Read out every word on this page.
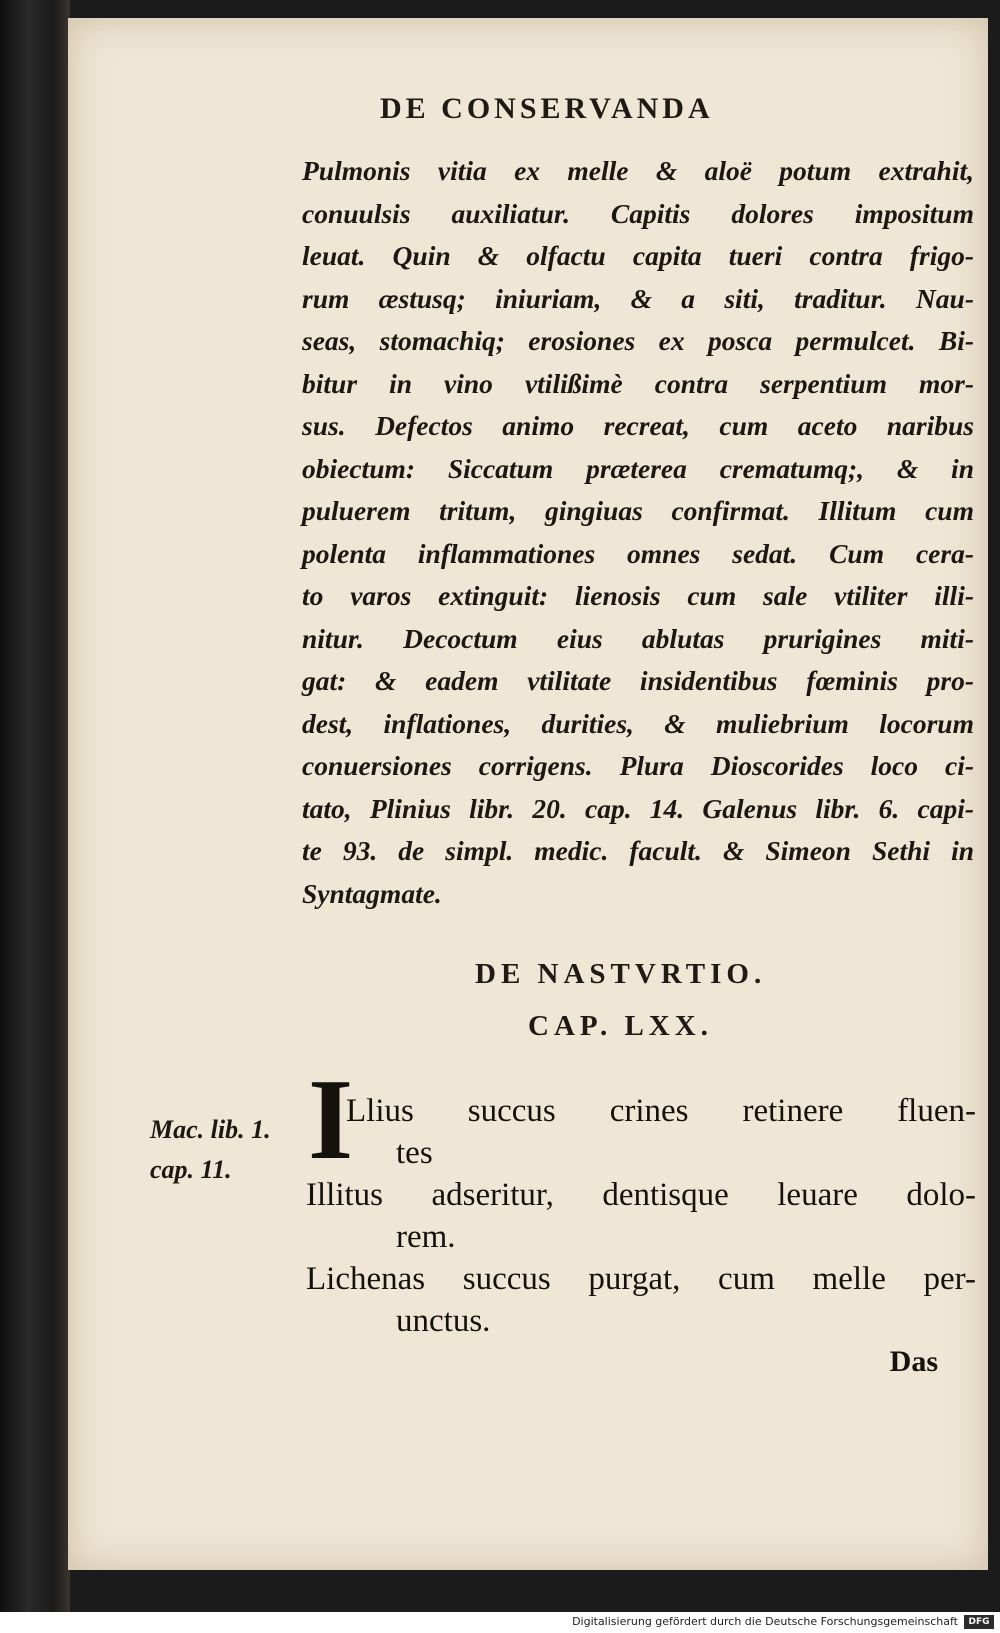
DE CONSERVANDA
Pulmonis vitia ex melle & aloë potum extrahit,
conuulsis auxiliatur. Capitis dolores impositum
leuat. Quin & olfactu capita tueri contra frigo-
rum æstusq; iniuriam, & a siti, traditur. Nau-
seas, stomachiq; erosiones ex posca permulcet. Bi-
bitur in vino vtilißimè contra serpentium mor-
sus. Defectos animo recreat, cum aceto naribus
obiectum: Siccatum præterea crematumq;, & in
puluerem tritum, gingiuas confirmat. Illitum cum
polenta inflammationes omnes sedat. Cum cera-
to varos extinguit: lienosis cum sale vtiliter illi-
nitur. Decoctum eius ablutas prurigines miti-
gat: & eadem vtilitate insidentibus fœminis pro-
dest, inflationes, durities, & muliebrium locorum
conuersiones corrigens. Plura Dioscorides loco ci-
tato, Plinius libr. 20. cap. 14. Galenus libr. 6. capi-
te 93. de simpl. medic. facult. & Simeon Sethi in
Syntagmate.
DE NASTVRTIO.
CAP. LXX.
Mac. lib. 1.
cap. 11. I
Llius succus crines retinere fluen-
tes
Illitus adseritur, dentisque leuare dolo-
rem.
Lichenas succus purgat, cum melle per-
unctus.
Das
Digitalisierung gefördert durch die Deutsche Forschungsgemeinschaft	DFG
